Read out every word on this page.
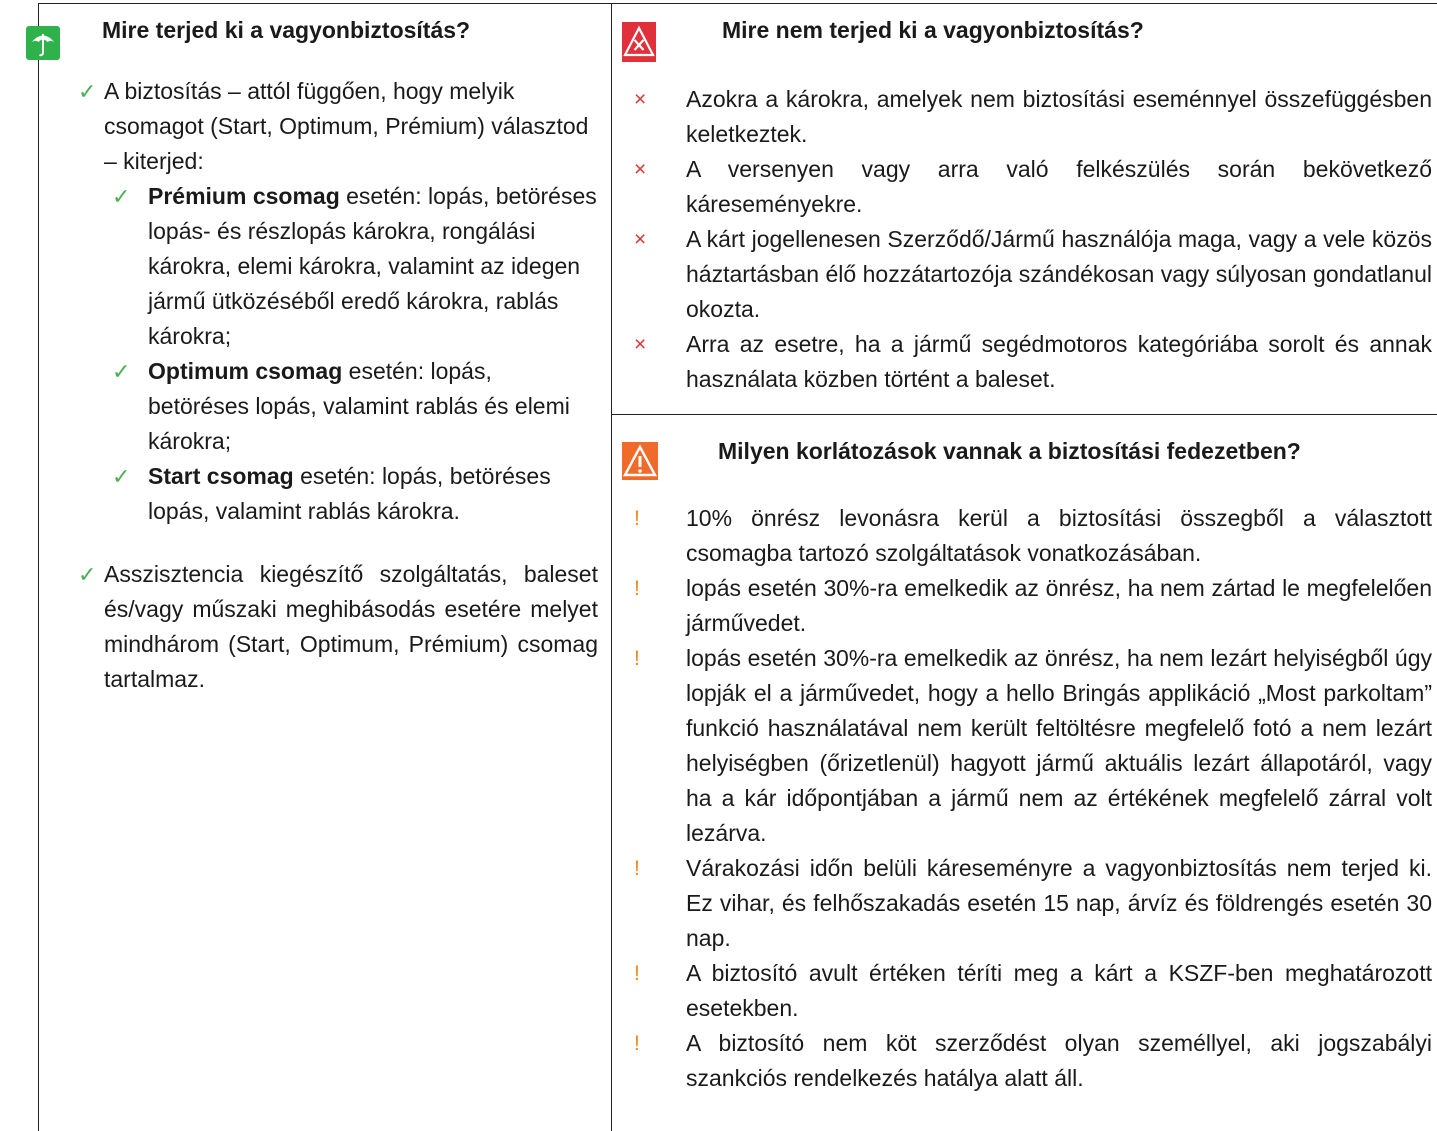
Mire terjed ki a vagyonbiztosítás?
✓ A biztosítás – attól függően, hogy melyik csomagot (Start, Optimum, Prémium) választod – kiterjed:
✓ Prémium csomag esetén: lopás, betöréses lopás- és részlopás károkra, rongálási károkra, elemi károkra, valamint az idegen jármű ütközéséből eredő károkra, rablás károkra;
✓ Optimum csomag esetén: lopás, betöréses lopás, valamint rablás és elemi károkra;
✓ Start csomag esetén: lopás, betöréses lopás, valamint rablás károkra.
✓ Asszisztencia kiegészítő szolgáltatás, baleset és/vagy műszaki meghibásodás esetére melyet mindhárom (Start, Optimum, Prémium) csomag tartalmaz.
Mire nem terjed ki a vagyonbiztosítás?
× Azokra a károkra, amelyek nem biztosítási eseménnyel összefüggésben keletkeztek.
× A versenyen vagy arra való felkészülés során bekövetkező káreseményekre.
× A kárt jogellenesen Szerződő/Jármű használója maga, vagy a vele közös háztartásban élő hozzátartozója szándékosan vagy súlyosan gondatlanul okozta.
× Arra az esetre, ha a jármű segédmotoros kategóriába sorolt és annak használata közben történt a baleset.
Milyen korlátozások vannak a biztosítási fedezetben?
! 10% önrész levonásra kerül a biztosítási összegből a választott csomagba tartozó szolgáltatások vonatkozásában.
! lopás esetén 30%-ra emelkedik az önrész, ha nem zártad le megfelelően járművedet.
! lopás esetén 30%-ra emelkedik az önrész, ha nem lezárt helyiségből úgy lopják el a járművedet, hogy a hello Bringás applikáció „Most parkoltam” funkció használatával nem került feltöltésre megfelelő fotó a nem lezárt helyiségben (őrizetlenül) hagyott jármű aktuális lezárt állapotáról, vagy ha a kár időpontjában a jármű nem az értékének megfelelő zárral volt lezárva.
! Várakozási időn belüli káreseményre a vagyonbiztosítás nem terjed ki. Ez vihar, és felhőszakadás esetén 15 nap, árvíz és földrengés esetén 30 nap.
! A biztosító avult értéken téríti meg a kárt a KSZF-ben meghatározott esetekben.
! A biztosító nem köt szerződést olyan személlyel, aki jogszabályi szankciós rendelkezés hatálya alatt áll.
